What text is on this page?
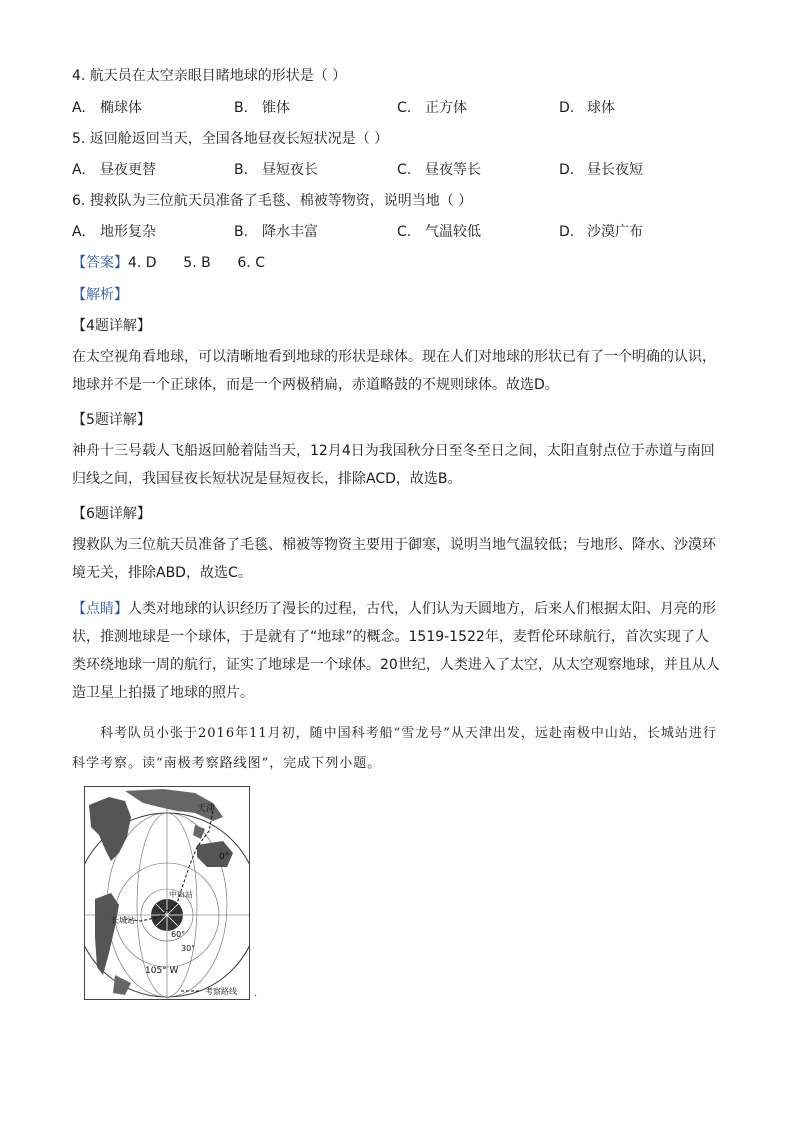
4. 航天员在太空亲眼目睹地球的形状是（ ）
A. 椭球体	B. 锥体	C. 正方体	D. 球体
5. 返回舱返回当天，全国各地昼夜长短状况是（ ）
A. 昼夜更替	B. 昼短夜长	C. 昼夜等长	D. 昼长夜短
6. 搜救队为三位航天员准备了毛毯、棉被等物资，说明当地（ ）
A. 地形复杂	B. 降水丰富	C. 气温较低	D. 沙漠广布
【答案】4. D      5. B      6. C
【解析】
【4题详解】
在太空视角看地球，可以清晰地看到地球的形状是球体。现在人们对地球的形状已有了一个明确的认识，地球并不是一个正球体，而是一个两极稍扁，赤道略鼓的不规则球体。故选D。
【5题详解】
神舟十三号载人飞船返回舱着陆当天，12月4日为我国秋分日至冬至日之间，太阳直射点位于赤道与南回归线之间，我国昼夜长短状况是昼短夜长，排除ACD，故选B。
【6题详解】
搜救队为三位航天员准备了毛毯、棉被等物资主要用于御寒，说明当地气温较低；与地形、降水、沙漠环境无关，排除ABD，故选C。
【点睛】人类对地球的认识经历了漫长的过程，古代，人们认为天圆地方，后来人们根据太阳、月亮的形状，推测地球是一个球体，于是就有了“地球”的概念。1519-1522年，麦哲伦环球航行，首次实现了人类环绕地球一周的航行，证实了地球是一个球体。20世纪，人类进入了太空，从太空观察地球，并且从人造卫星上拍摄了地球的照片。
科考队员小张于2016年11月初，随中国科考船“雪龙号”从天津出发，远赴南极中山站，长城站进行科学考察。读“南极考察路线图”，完成下列小题。
天津
0°
中山站
长城站
60°
30°
105° W
考察路线 .
